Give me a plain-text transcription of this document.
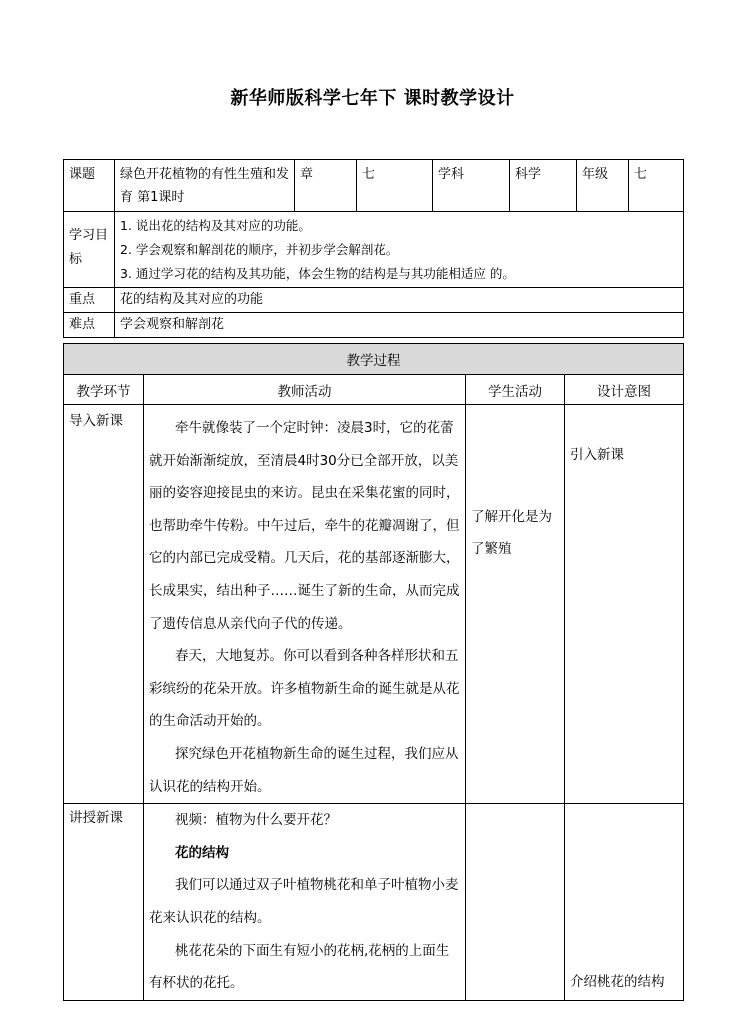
新华师版科学七年下 课时教学设计
课题	绿色开花植物的有性生殖和发育 第1课时	章	七	学科	科学	年级	七
学习目标	1. 说出花的结构及其对应的功能。
2. 学会观察和解剖花的顺序，并初步学会解剖花。
3. 通过学习花的结构及其功能，体会生物的结构是与其功能相适应 的。						

重点	花的结构及其对应的功能						
难点	学会观察和解剖花						
教学过程			
教学环节	教师活动	学生活动	设计意图
导入新课	牵牛就像装了一个定时钟：凌晨3时，它的花蕾就开始渐渐绽放，至清晨4时30分已全部开放，以美丽的姿容迎接昆虫的来访。昆虫在采集花蜜的同时，也帮助牵牛传粉。中午过后，牵牛的花瓣凋谢了，但它的内部已完成受精。几天后，花的基部逐渐膨大，长成果实，结出种子……诞生了新的生命，从而完成了遗传信息从亲代向子代的传递。

春天，大地复苏。你可以看到各种各样形状和五彩缤纷的花朵开放。许多植物新生命的诞生就是从花的生命活动开始的。

探究绿色开花植物新生命的诞生过程，我们应从认识花的结构开始。	了解开化是为了繁殖	引入新课

讲授新课	视频：植物为什么要开花？

花的结构

我们可以通过双子叶植物桃花和单子叶植物小麦花来认识花的结构。

桃花花朵的下面生有短小的花柄,花柄的上面生有杯状的花托。		介绍桃花的结构
